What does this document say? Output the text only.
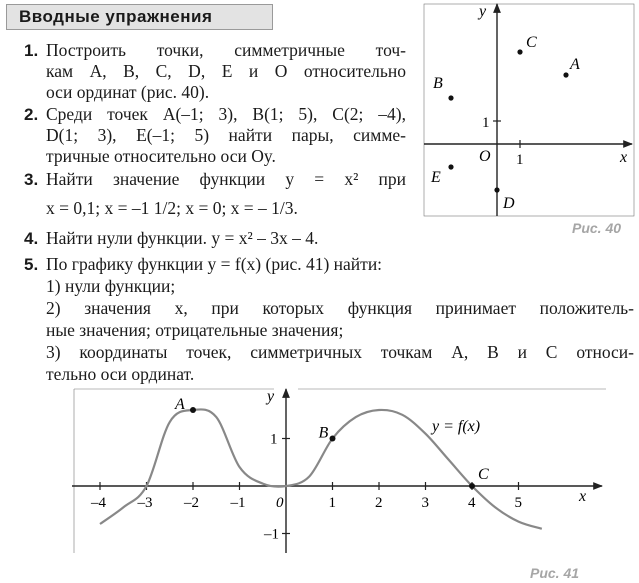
Вводные упражнения
1. Построить точки, симметричные точ-
кам A, B, C, D, E и O относительно
оси ординат (рис. 40).
2. Среди точек A(–1; 3), B(1; 5), C(2; –4),
D(1; 3), E(–1; 5) найти пары, симме-
тричные относительно оси Oy.
3. Найти значение функции y = x² при
x = 0,1; x = –1 1/2; x = 0; x = – 1/3.
4. Найти нули функции. y = x² – 3x – 4.
5. По графику функции y = f(x) (рис. 41) найти:
1) нули функции;
2) значения x, при которых функция принимает положитель-
ные значения; отрицательные значения;
3) координаты точек, симметричных точкам A, B и C относи-
тельно оси ординат.
x
y
O 1
1
A
B
C
D
E
Рис. 40
–4 –3 –2 –1 0	1	2	3	4	5
1
–1
x
y
y = f(x)
A
B
C
Рис. 41
